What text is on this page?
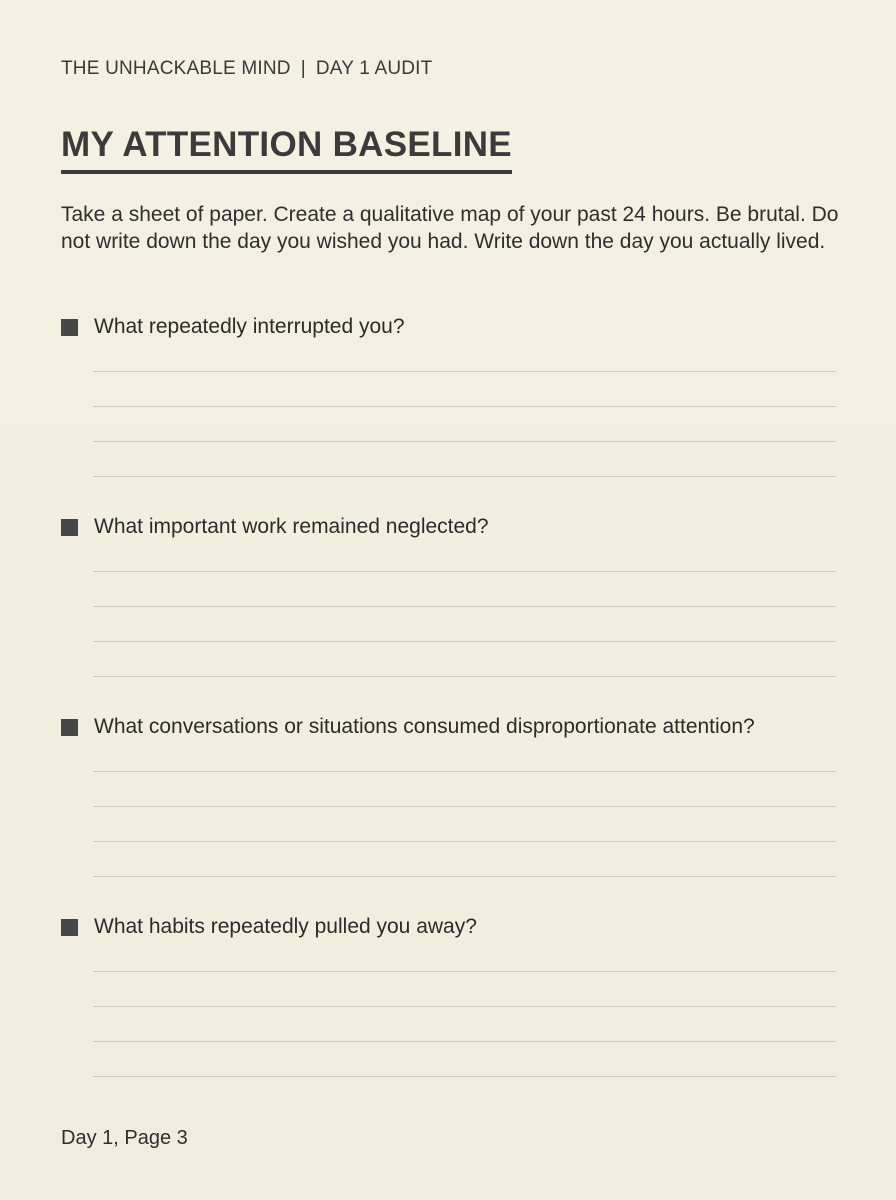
THE UNHACKABLE MIND | DAY 1 AUDIT
MY ATTENTION BASELINE
Take a sheet of paper. Create a qualitative map of your past 24 hours. Be brutal. Do not write down the day you wished you had. Write down the day you actually lived.
What repeatedly interrupted you?
What important work remained neglected?
What conversations or situations consumed disproportionate attention?
What habits repeatedly pulled you away?
Day 1, Page 3
